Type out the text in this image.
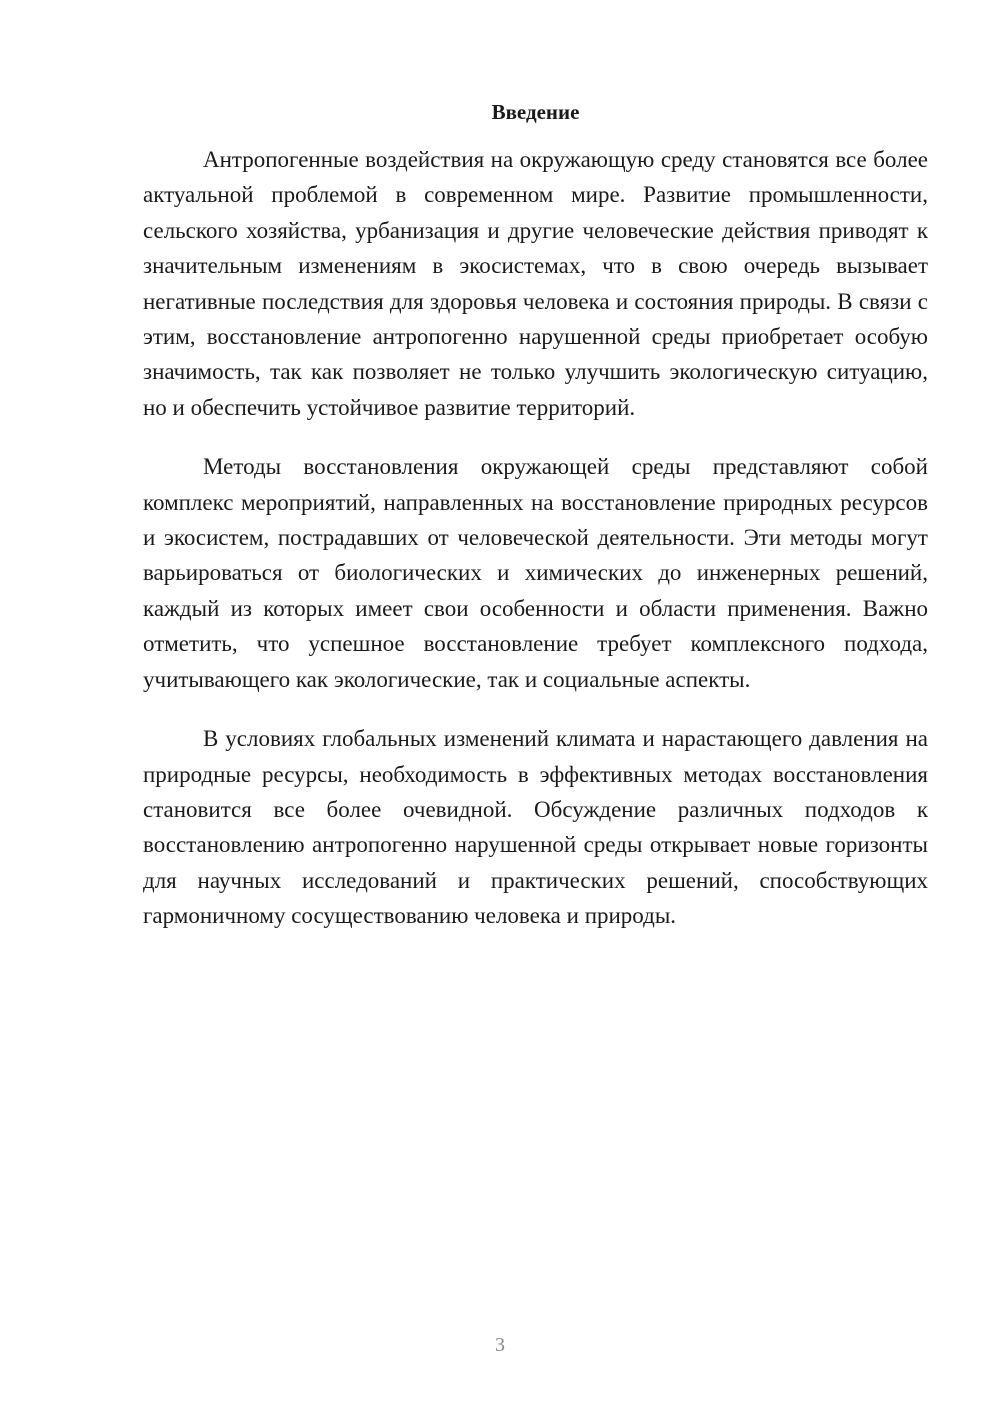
Введение

Антропогенные воздействия на окружающую среду становятся все более актуальной проблемой в современном мире. Развитие промышленности, сельского хозяйства, урбанизация и другие человеческие действия приводят к значительным изменениям в экосистемах, что в свою очередь вызывает негативные последствия для здоровья человека и состояния природы. В связи с этим, восстановление антропогенно нарушенной среды приобретает особую значимость, так как позволяет не только улучшить экологическую ситуацию, но и обеспечить устойчивое развитие территорий.

Методы восстановления окружающей среды представляют собой комплекс мероприятий, направленных на восстановление природных ресурсов и экосистем, пострадавших от человеческой деятельности. Эти методы могут варьироваться от биологических и химических до инженерных решений, каждый из которых имеет свои особенности и области применения. Важно отметить, что успешное восстановление требует комплексного подхода, учитывающего как экологические, так и социальные аспекты.

В условиях глобальных изменений климата и нарастающего давления на природные ресурсы, необходимость в эффективных методах восстановления становится все более очевидной. Обсуждение различных подходов к восстановлению антропогенно нарушенной среды открывает новые горизонты для научных исследований и практических решений, способствующих гармоничному сосуществованию человека и природы.

3
